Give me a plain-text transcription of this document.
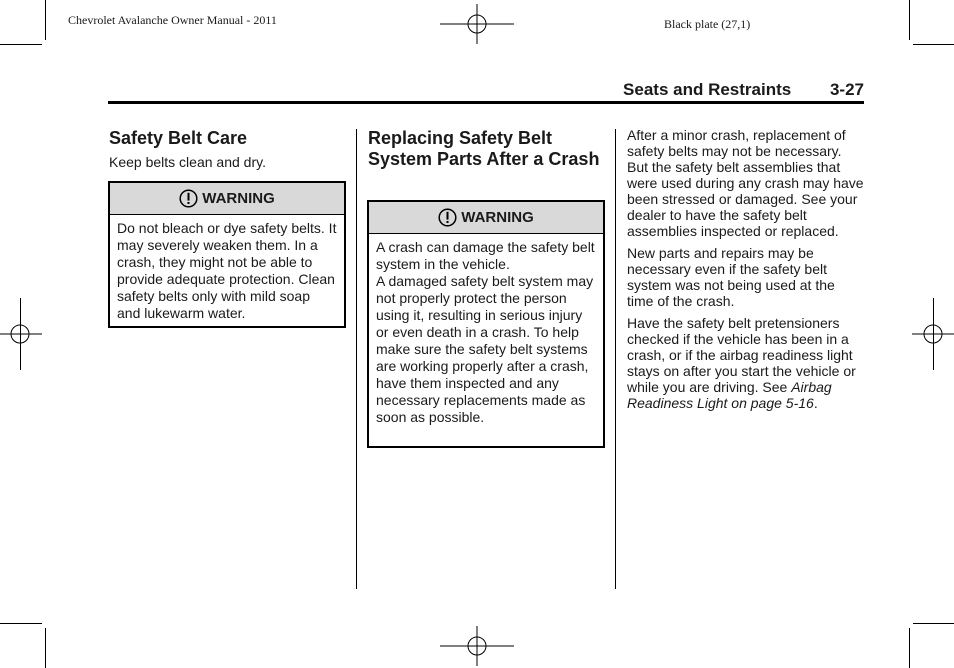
Chevrolet Avalanche Owner Manual - 2011	Black plate (27,1)
Seats and Restraints 3-27
Safety Belt Care

Keep belts clean and dry.

WARNING

Do not bleach or dye safety belts. It may severely weaken them. In a crash, they might not be able to provide adequate protection. Clean safety belts only with mild soap and lukewarm water.

Replacing Safety Belt System Parts After a Crash
WARNING

A crash can damage the safety belt system in the vehicle.

A damaged safety belt system may not properly protect the person using it, resulting in serious injury or even death in a crash. To help make sure the safety belt systems are working properly after a crash, have them inspected and any necessary replacements made as soon as possible.

After a minor crash, replacement of safety belts may not be necessary. But the safety belt assemblies that were used during any crash may have been stressed or damaged. See your dealer to have the safety belt assemblies inspected or replaced.

New parts and repairs may be necessary even if the safety belt system was not being used at the time of the crash.

Have the safety belt pretensioners checked if the vehicle has been in a crash, or if the airbag readiness light stays on after you start the vehicle or while you are driving. See Airbag Readiness Light on page 5-16.
